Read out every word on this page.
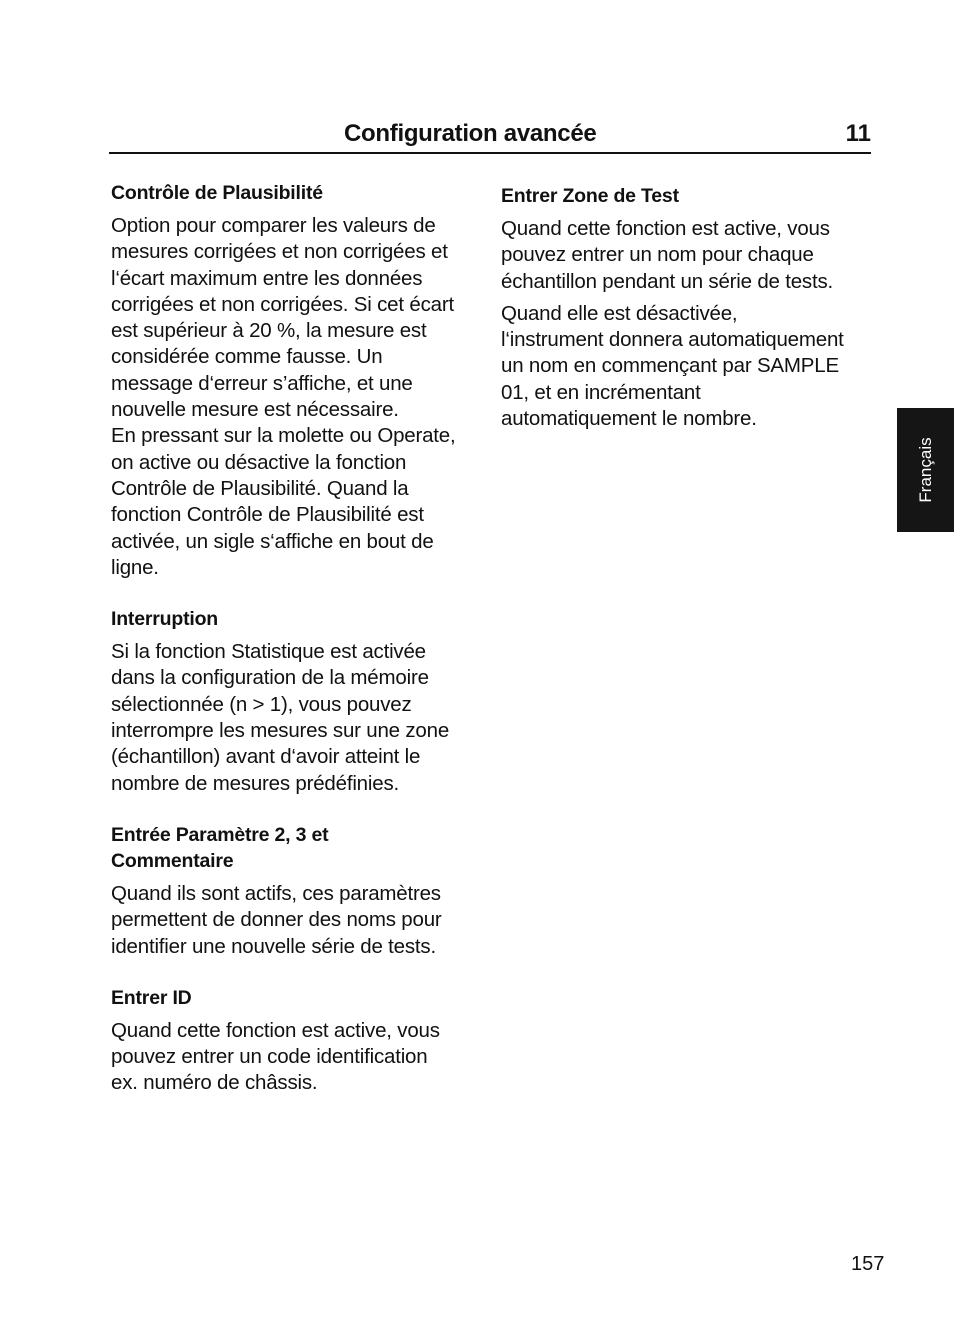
Configuration avancée	11
Contrôle de Plausibilité

Option pour comparer les valeurs de
mesures corrigées et non corrigées et
l‘écart maximum entre les données
corrigées et non corrigées. Si cet écart
est supérieur à 20 %, la mesure est
considérée comme fausse. Un
message d‘erreur s’affiche, et une
nouvelle mesure est nécessaire.
En pressant sur la molette ou Operate,
on active ou désactive la fonction
Contrôle de Plausibilité. Quand la
fonction Contrôle de Plausibilité est
activée, un sigle s‘affiche en bout de
ligne.

Interruption

Si la fonction Statistique est activée
dans la configuration de la mémoire
sélectionnée (n > 1), vous pouvez
interrompre les mesures sur une zone
(échantillon) avant d‘avoir atteint le
nombre de mesures prédéfinies.

Entrée Paramètre 2, 3 et
Commentaire

Quand ils sont actifs, ces paramètres
permettent de donner des noms pour
identifier une nouvelle série de tests.

Entrer ID

Quand cette fonction est active, vous
pouvez entrer un code identification
ex. numéro de châssis.

Entrer Zone de Test

Quand cette fonction est active, vous
pouvez entrer un nom pour chaque
échantillon pendant un série de tests.

Quand elle est désactivée,
l‘instrument donnera automatiquement
un nom en commençant par SAMPLE
01, et en incrémentant
automatiquement le nombre.

Français
157
